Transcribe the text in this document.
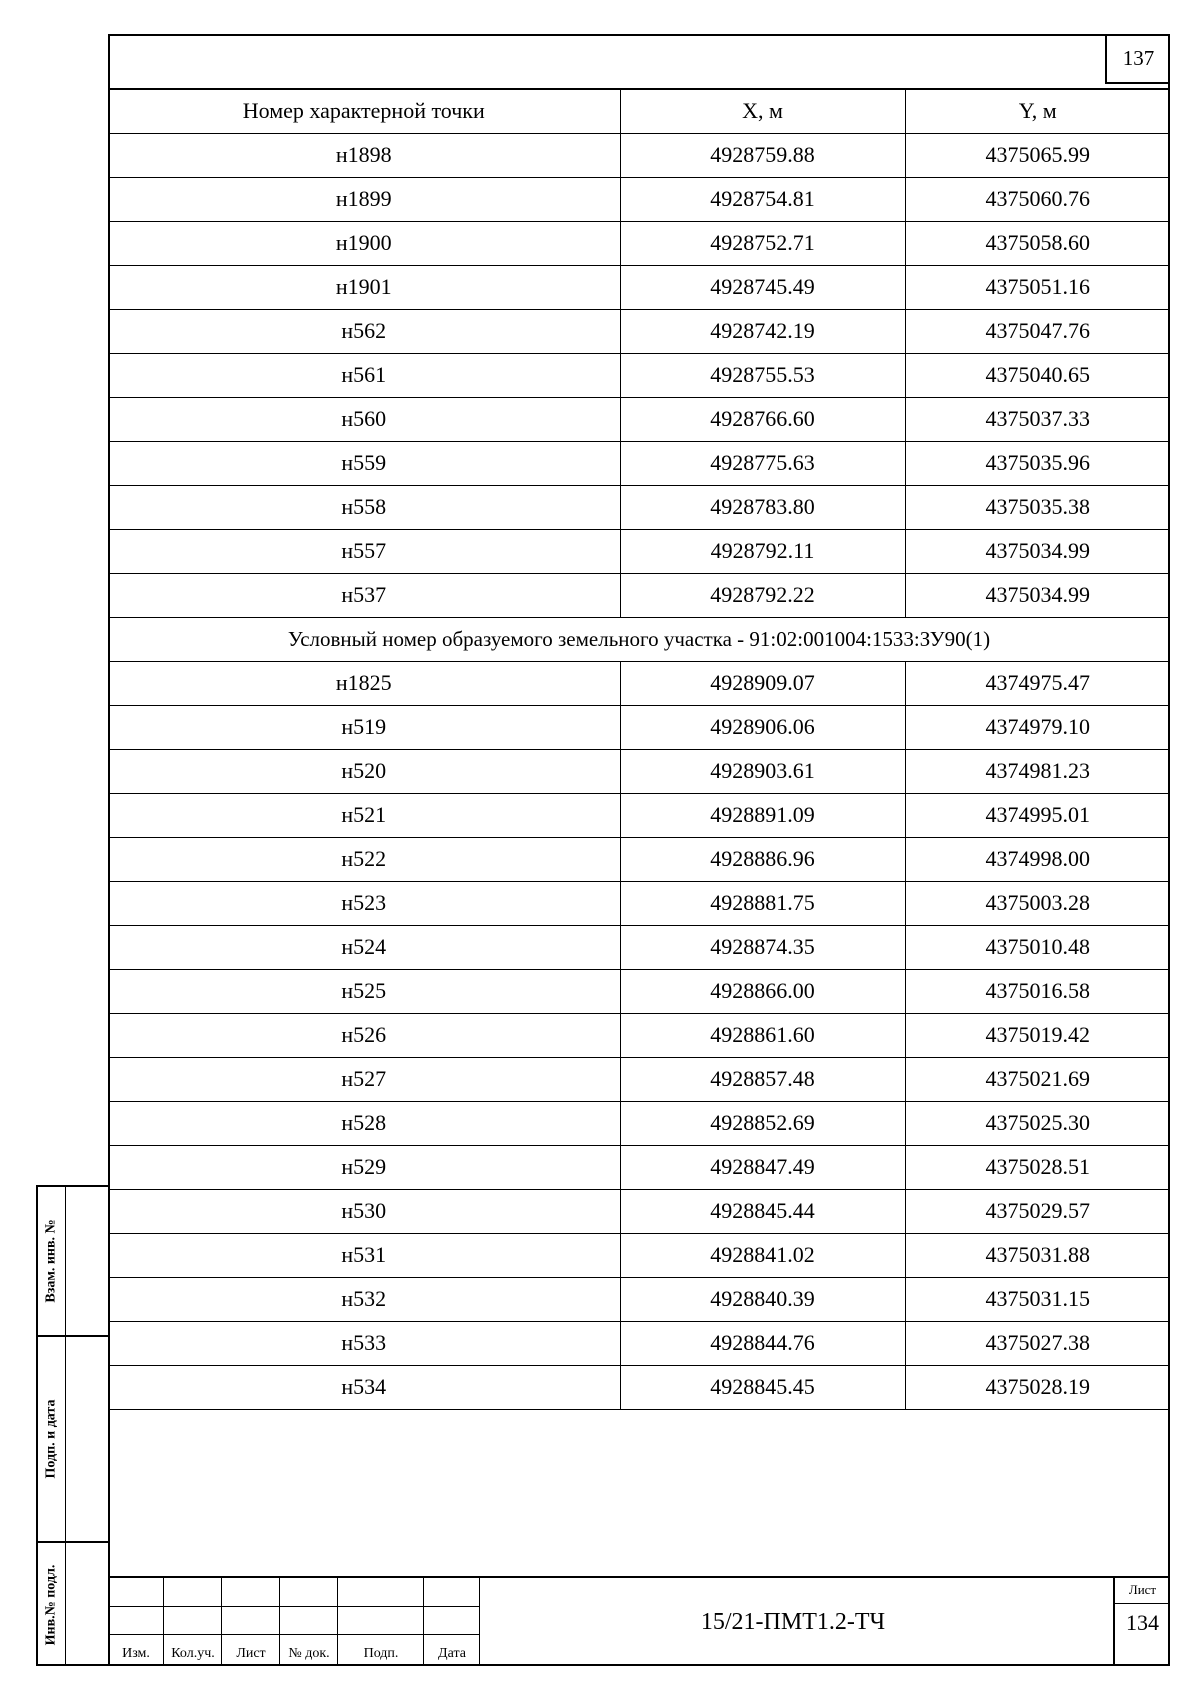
137
Номер характерной точки	X, м	Y, м
н1898	4928759.88	4375065.99
н1899	4928754.81	4375060.76
н1900	4928752.71	4375058.60
н1901	4928745.49	4375051.16
н562	4928742.19	4375047.76
н561	4928755.53	4375040.65
н560	4928766.60	4375037.33
н559	4928775.63	4375035.96
н558	4928783.80	4375035.38
н557	4928792.11	4375034.99
н537	4928792.22	4375034.99
Условный номер образуемого земельного участка - 91:02:001004:1533:ЗУ90(1)		
н1825	4928909.07	4374975.47
н519	4928906.06	4374979.10
н520	4928903.61	4374981.23
н521	4928891.09	4374995.01
н522	4928886.96	4374998.00
н523	4928881.75	4375003.28
н524	4928874.35	4375010.48
н525	4928866.00	4375016.58
н526	4928861.60	4375019.42
н527	4928857.48	4375021.69
н528	4928852.69	4375025.30
н529	4928847.49	4375028.51
н530	4928845.44	4375029.57
н531	4928841.02	4375031.88
н532	4928840.39	4375031.15
н533	4928844.76	4375027.38
н534	4928845.45	4375028.19

Взам. инв. №
Подп. и дата
Инв.№ подл.
Изм.	Кол.уч.	Лист	№ док.	Подп.	Дата
15/21-ПМТ1.2-ТЧ
Лист
134
